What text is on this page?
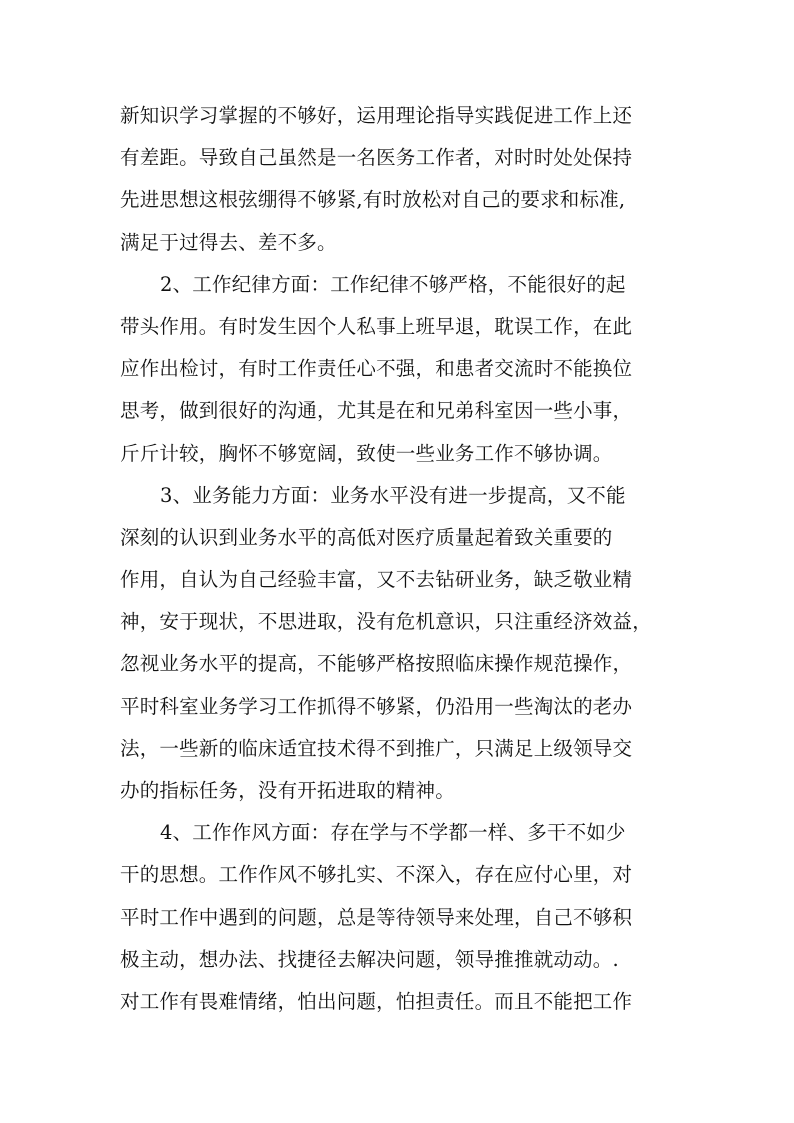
新知识学习掌握的不够好，运用理论指导实践促进工作上还
有差距。导致自己虽然是一名医务工作者，对时时处处保持
先进思想这根弦绷得不够紧,有时放松对自己的要求和标准,
满足于过得去、差不多。
2、工作纪律方面：工作纪律不够严格，不能很好的起
带头作用。有时发生因个人私事上班早退，耽误工作，在此
应作出检讨，有时工作责任心不强，和患者交流时不能换位
思考，做到很好的沟通，尤其是在和兄弟科室因一些小事，
斤斤计较，胸怀不够宽阔，致使一些业务工作不够协调。
3、业务能力方面：业务水平没有进一步提高，又不能
深刻的认识到业务水平的高低对医疗质量起着致关重要的
作用，自认为自己经验丰富，又不去钻研业务，缺乏敬业精
神，安于现状，不思进取，没有危机意识，只注重经济效益，
忽视业务水平的提高，不能够严格按照临床操作规范操作，
平时科室业务学习工作抓得不够紧，仍沿用一些淘汰的老办
法，一些新的临床适宜技术得不到推广，只满足上级领导交
办的指标任务，没有开拓进取的精神。
4、工作作风方面：存在学与不学都一样、多干不如少
干的思想。工作作风不够扎实、不深入，存在应付心里，对
平时工作中遇到的问题，总是等待领导来处理，自己不够积
极主动，想办法、找捷径去解决问题，领导推推就动动。.
对工作有畏难情绪，怕出问题，怕担责任。而且不能把工作
